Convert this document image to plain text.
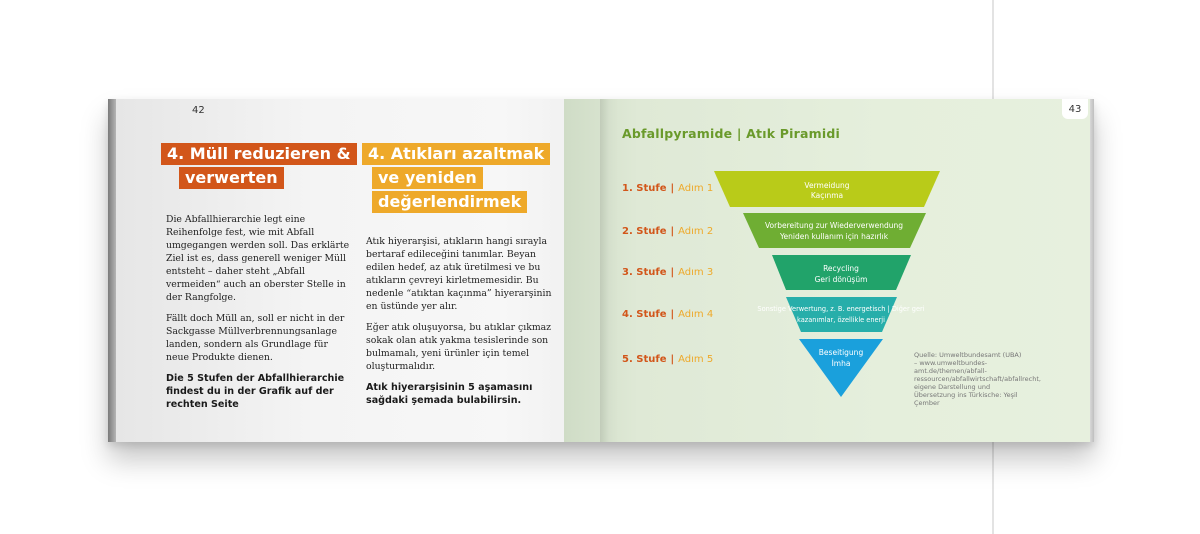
42
4. Müll reduzieren &
verwerten
4. Atıkları azaltmak
ve yeniden
değerlendirmek

Die Abfallhierarchie legt eine Reihenfolge fest, wie mit Abfall umgegangen werden soll. Das erklärte Ziel ist es, dass generell weniger Müll entsteht – daher steht „Abfall vermeiden“ auch an oberster Stelle in der Rangfolge.

Fällt doch Müll an, soll er nicht in der Sackgasse Müllverbrennungsanlage landen, sondern als Grundlage für neue Produkte dienen.

Die 5 Stufen der Abfallhierarchie findest du in der Grafik auf der rechten Seite

Atık hiyerarşisi, atıkların hangi sırayla bertaraf edileceğini tanımlar. Beyan edilen hedef, az atık üretilmesi ve bu atıkların çevreyi kirletmemesidir. Bu nedenle “atıktan kaçınma” hiyerarşinin en üstünde yer alır.

Eğer atık oluşuyorsa, bu atıklar çıkmaz sokak olan atık yakma tesislerinde son bulmamalı, yeni ürünler için temel oluşturmalıdır.

Atık hiyerarşisinin 5 aşamasını sağdaki şemada bulabilirsin.

43
Abfallpyramide | Atık Piramidi
1. Stufe | Adım 1
2. Stufe | Adım 2
3. Stufe | Adım 3
4. Stufe | Adım 4
5. Stufe | Adım 5
Vermeidung
Kaçınma
Vorbereitung zur Wiederverwendung
Yeniden kullanım için hazırlık
Recycling
Geri dönüşüm
Sonstige Verwertung, z. B. energetisch | Diğer geri
kazanımlar, özellikle enerji
Beseitigung
İmha
Quelle: Umweltbundesamt (UBA) – www.umweltbundes-amt.de/themen/abfall-ressourcen/abfallwirtschaft/abfallrecht, eigene Darstellung und Übersetzung ins Türkische: Yeşil Çember
